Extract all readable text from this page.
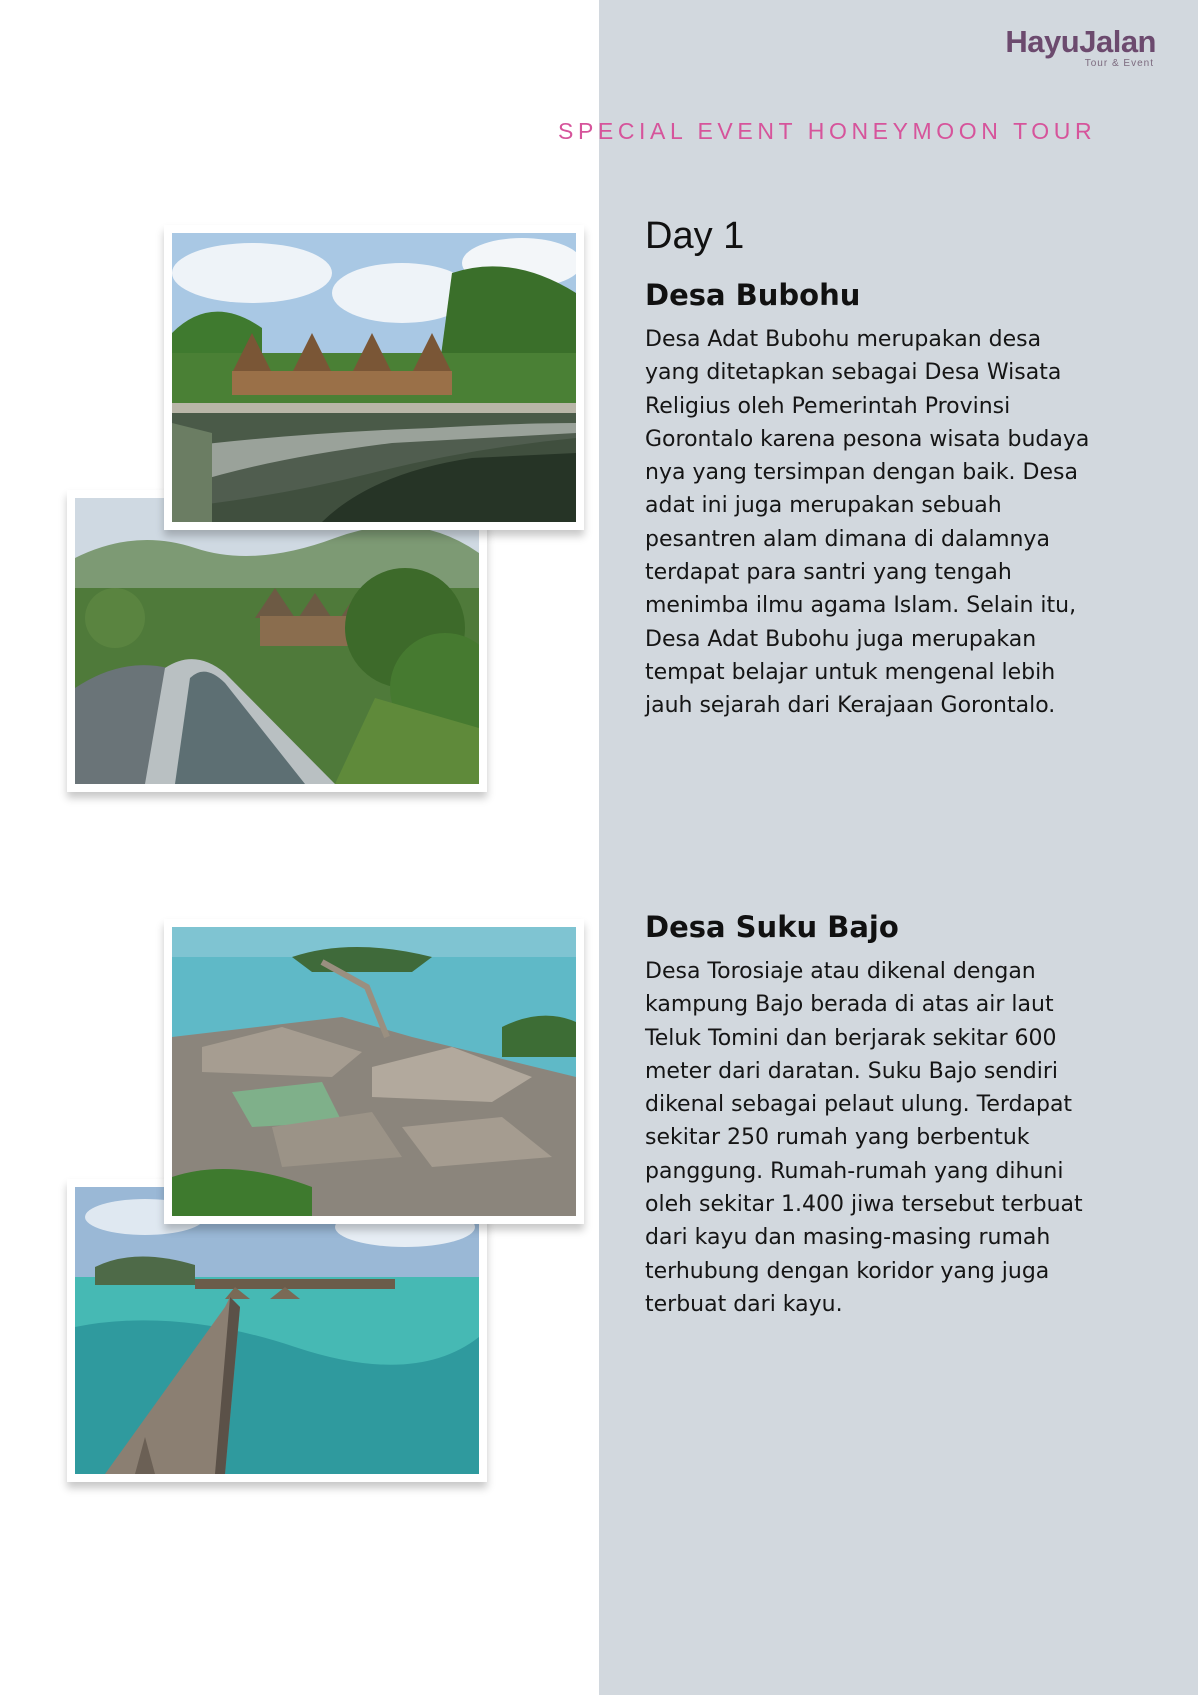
HayuJalan
Tour & Event
SPECIAL EVENT HONEYMOON TOUR
Day 1
Desa Bubohu
Desa Adat Bubohu merupakan desa yang ditetapkan sebagai Desa Wisata Religius oleh Pemerintah Provinsi Gorontalo karena pesona wisata budaya nya yang tersimpan dengan baik. Desa adat ini juga merupakan sebuah pesantren alam dimana di dalamnya terdapat para santri yang tengah menimba ilmu agama Islam. Selain itu, Desa Adat Bubohu juga merupakan tempat belajar untuk mengenal lebih jauh sejarah dari Kerajaan Gorontalo.
Desa Suku Bajo
Desa Torosiaje atau dikenal dengan kampung Bajo berada di atas air laut Teluk Tomini dan berjarak sekitar 600 meter dari daratan. Suku Bajo sendiri dikenal sebagai pelaut ulung. Terdapat sekitar 250 rumah yang berbentuk panggung. Rumah-rumah yang dihuni oleh sekitar 1.400 jiwa tersebut terbuat dari kayu dan masing-masing rumah terhubung dengan koridor yang juga terbuat dari kayu.
